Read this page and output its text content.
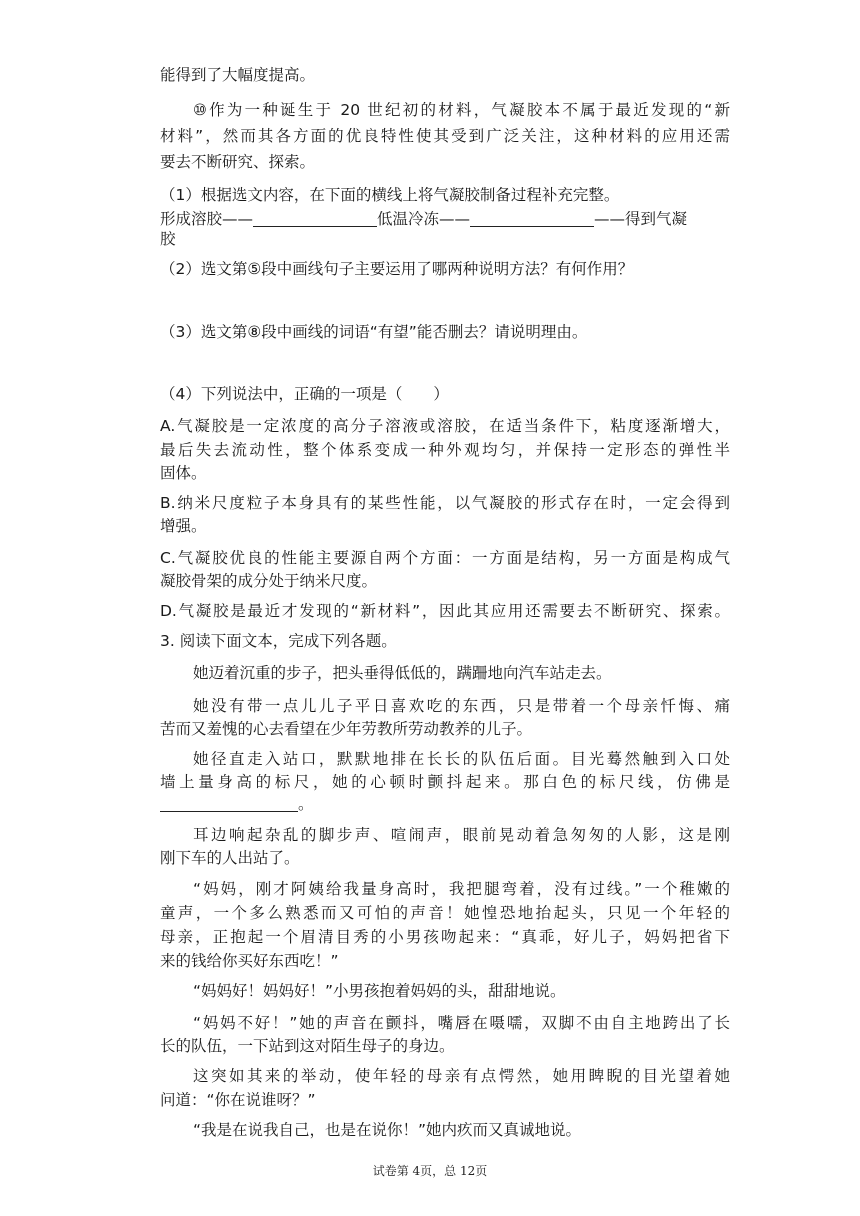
能得到了大幅度提高。
⑩作为一种诞生于 20 世纪初的材料，气凝胶本不属于最近发现的“新
材料”，然而其各方面的优良特性使其受到广泛关注，这种材料的应用还需
要去不断研究、探索。
（1）根据选文内容，在下面的横线上将气凝胶制备过程补充完整。
形成溶胶——	低温冷冻——	——得到气凝
胶
（2）选文第⑤段中画线句子主要运用了哪两种说明方法？有何作用？
（3）选文第⑧段中画线的词语“有望”能否删去？请说明理由。
（4）下列说法中，正确的一项是（　　）
A.气凝胶是一定浓度的高分子溶液或溶胶，在适当条件下，粘度逐渐增大，
最后失去流动性，整个体系变成一种外观均匀，并保持一定形态的弹性半
固体。
B.纳米尺度粒子本身具有的某些性能，以气凝胶的形式存在时，一定会得到
增强。
C.气凝胶优良的性能主要源自两个方面：一方面是结构，另一方面是构成气
凝胶骨架的成分处于纳米尺度。
D.气凝胶是最近才发现的“新材料”，因此其应用还需要去不断研究、探索。
3. 阅读下面文本，完成下列各题。
她迈着沉重的步子，把头垂得低低的，蹒跚地向汽车站走去。
她没有带一点儿儿子平日喜欢吃的东西，只是带着一个母亲忏悔、痛
苦而又羞愧的心去看望在少年劳教所劳动教养的儿子。
她径直走入站口，默默地排在长长的队伍后面。目光蓦然触到入口处
墙上量身高的标尺，她的心顿时颤抖起来。那白色的标尺线，仿佛是
。
耳边响起杂乱的脚步声、喧闹声，眼前晃动着急匆匆的人影，这是刚
刚下车的人出站了。
“妈妈，刚才阿姨给我量身高时，我把腿弯着，没有过线。”一个稚嫩的
童声，一个多么熟悉而又可怕的声音！她惶恐地抬起头，只见一个年轻的
母亲，正抱起一个眉清目秀的小男孩吻起来：“真乖，好儿子，妈妈把省下
来的钱给你买好东西吃！”
“妈妈好！妈妈好！”小男孩抱着妈妈的头，甜甜地说。
“妈妈不好！”她的声音在颤抖，嘴唇在嗫嚅，双脚不由自主地跨出了长
长的队伍，一下站到这对陌生母子的身边。
这突如其来的举动，使年轻的母亲有点愕然，她用睥睨的目光望着她
问道：“你在说谁呀？”
“我是在说我自己，也是在说你！”她内疚而又真诚地说。
试卷第 4页，总 12页
